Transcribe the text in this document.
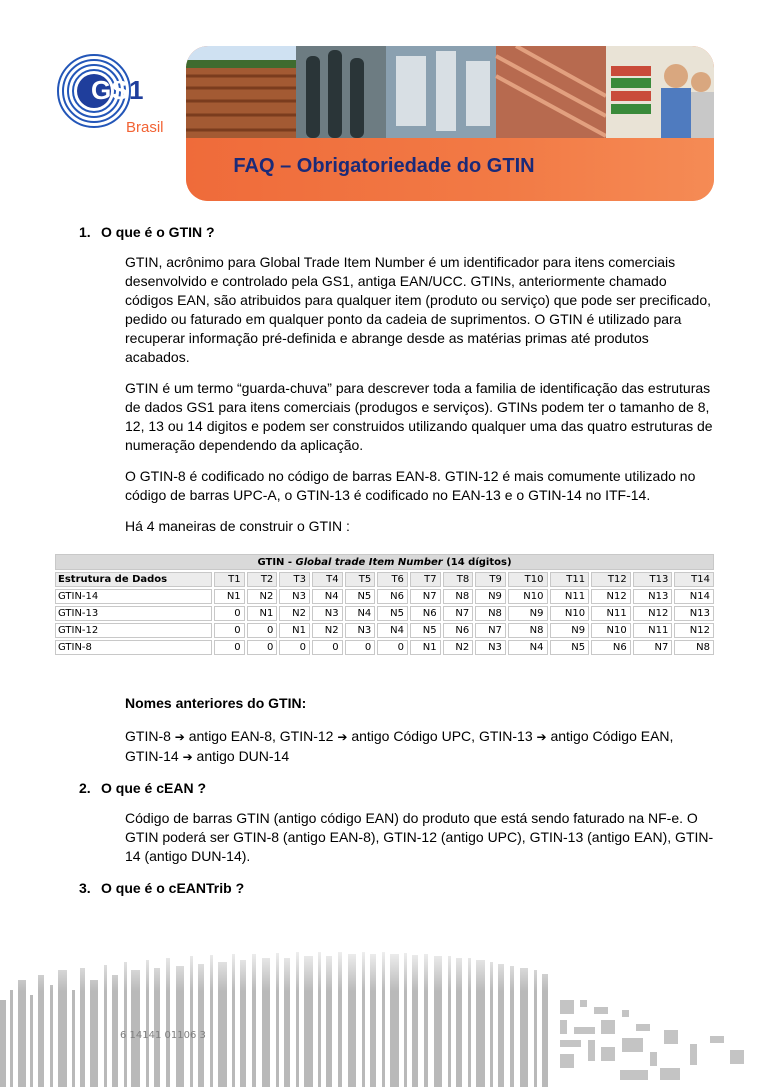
GS 1
Brasil
FAQ – Obrigatoriedade do GTIN
1. O que é o GTIN ?
GTIN, acrônimo para Global Trade Item Number é um identificador para itens comerciais desenvolvido e controlado pela GS1, antiga EAN/UCC. GTINs, anteriormente chamado códigos EAN, são atribuidos para qualquer item (produto ou serviço) que pode ser precificado, pedido ou faturado em qualquer ponto da cadeia de suprimentos. O GTIN é utilizado para recuperar informação pré-definida e abrange desde as matérias primas até produtos acabados.
GTIN é um termo “guarda-chuva” para descrever toda a familia de identificação das estruturas de dados GS1 para itens comerciais (produgos e serviços). GTINs podem ter o tamanho de 8, 12, 13 ou 14 digitos e podem ser construidos utilizando qualquer uma das quatro estruturas de numeração dependendo da aplicação.
O GTIN-8 é codificado no código de barras EAN-8. GTIN-12 é mais comumente utilizado no código de barras UPC-A, o GTIN-13 é codificado no EAN-13 e o GTIN-14 no ITF-14.
Há 4 maneiras de construir o GTIN :
GTIN - Global trade Item Number (14 dígitos)														
Estrutura de Dados	T1	T2	T3	T4	T5	T6	T7	T8	T9	T10	T11	T12	T13	T14
GTIN-14	N1	N2	N3	N4	N5	N6	N7	N8	N9	N10	N11	N12	N13	N14
GTIN-13	0	N1	N2	N3	N4	N5	N6	N7	N8	N9	N10	N11	N12	N13
GTIN-12	0	0	N1	N2	N3	N4	N5	N6	N7	N8	N9	N10	N11	N12
GTIN-8	0	0	0	0	0	0	N1	N2	N3	N4	N5	N6	N7	N8
Nomes anteriores do GTIN:
GTIN-8 ➔ antigo EAN-8, GTIN-12 ➔ antigo Código UPC, GTIN-13 ➔ antigo Código EAN,
GTIN-14 ➔ antigo DUN-14
2. O que é cEAN ?
Código de barras GTIN (antigo código EAN) do produto que está sendo faturado na NF-e. O GTIN poderá ser GTIN-8 (antigo EAN-8), GTIN-12 (antigo UPC), GTIN-13 (antigo EAN), GTIN-14 (antigo DUN-14).
3. O que é o cEANTrib ?
6 14141 01106 3
